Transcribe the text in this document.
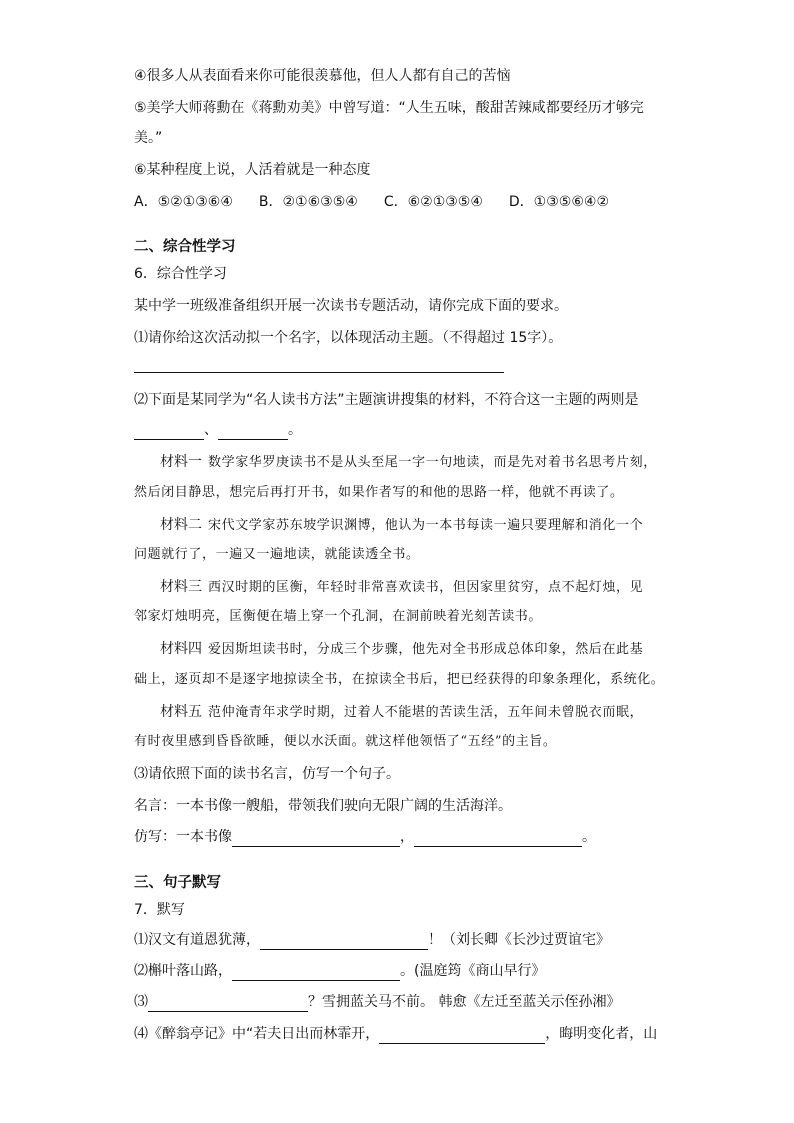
④很多人从表面看来你可能很羡慕他，但人人都有自己的苦恼
⑤美学大师蒋勳在《蒋勳劝美》中曾写道：“人生五味，酸甜苦辣咸都要经历才够完
美。”
⑥某种程度上说，人活着就是一种态度
A．⑤②①③⑥④ B．②①⑥③⑤④ C．⑥②①③⑤④ D．①③⑤⑥④②
二、综合性学习
6．综合性学习
某中学一班级准备组织开展一次读书专题活动，请你完成下面的要求。
⑴请你给这次活动拟一个名字，以体现活动主题。（不得超过 15字）。
⑵下面是某同学为“名人读书方法”主题演讲搜集的材料，不符合这一主题的两则是
、	。
材料一 数学家华罗庚读书不是从头至尾一字一句地读，而是先对着书名思考片刻，
然后闭目静思，想完后再打开书，如果作者写的和他的思路一样，他就不再读了。
材料二 宋代文学家苏东坡学识渊博，他认为一本书每读一遍只要理解和消化一个
问题就行了，一遍又一遍地读，就能读透全书。
材料三 西汉时期的匡衡，年轻时非常喜欢读书，但因家里贫穷，点不起灯烛，见
邻家灯烛明亮，匡衡便在墙上穿一个孔洞，在洞前映着光刻苦读书。
材料四 爱因斯坦读书时，分成三个步骤，他先对全书形成总体印象，然后在此基
础上，逐页却不是逐字地掠读全书，在掠读全书后，把已经获得的印象条理化，系统化。
材料五 范仲淹青年求学时期，过着人不能堪的苦读生活，五年间未曾脱衣而眠，
有时夜里感到昏昏欲睡，便以水沃面。就这样他领悟了“五经”的主旨。
⑶请依照下面的读书名言，仿写一个句子。
名言：一本书像一艘船，带领我们驶向无限广阔的生活海洋。
仿写：一本书像	，	。
三、句子默写
7．默写
⑴汉文有道恩犹薄，	！（刘长卿《长沙过贾谊宅》
⑵槲叶落山路，	。(温庭筠《商山早行》
⑶	？雪拥蓝关马不前。 韩愈《左迁至蓝关示侄孙湘》
⑷《醉翁亭记》中“若夫日出而林霏开，	，晦明变化者，山
